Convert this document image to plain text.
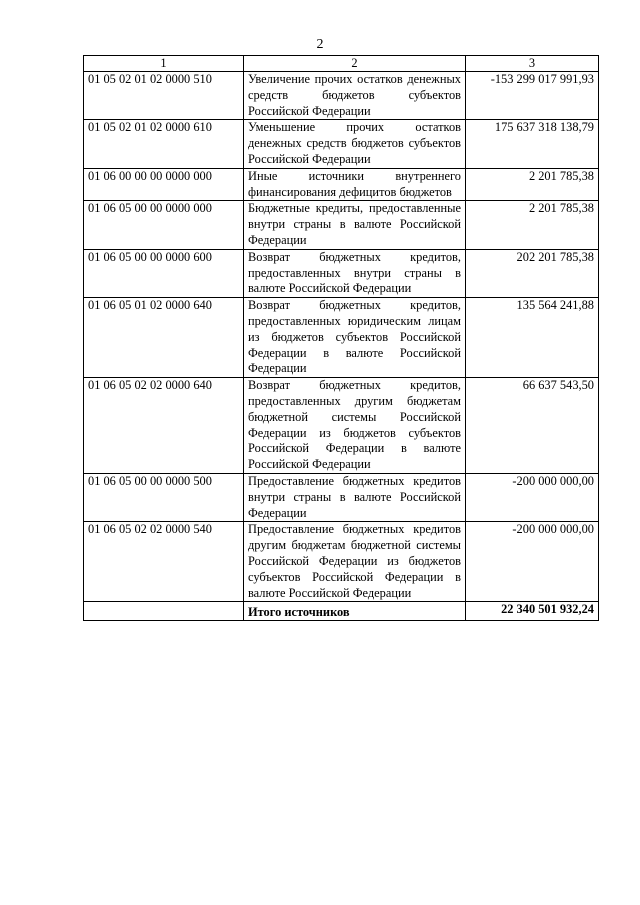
2
1	2	3
01 05 02 01 02 0000 510	Увеличение прочих остатков денежных средств бюджетов субъектов Российской Федерации	-153 299 017 991,93
01 05 02 01 02 0000 610	Уменьшение прочих остатков денежных средств бюджетов субъектов Российской Федерации	175 637 318 138,79
01 06 00 00 00 0000 000	Иные источники внутреннего финансирования дефицитов бюджетов	2 201 785,38
01 06 05 00 00 0000 000	Бюджетные кредиты, предоставленные внутри страны в валюте Российской Федерации	2 201 785,38
01 06 05 00 00 0000 600	Возврат бюджетных кредитов, предоставленных внутри страны в валюте Российской Федерации	202 201 785,38
01 06 05 01 02 0000 640	Возврат бюджетных кредитов, предоставленных юридическим лицам из бюджетов субъектов Российской Федерации в валюте Российской Федерации	135 564 241,88
01 06 05 02 02 0000 640	Возврат бюджетных кредитов, предоставленных другим бюджетам бюджетной системы Российской Федерации из бюджетов субъектов Российской Федерации в валюте Российской Федерации	66 637 543,50
01 06 05 00 00 0000 500	Предоставление бюджетных кредитов внутри страны в валюте Российской Федерации	-200 000 000,00
01 06 05 02 02 0000 540	Предоставление бюджетных кредитов другим бюджетам бюджетной системы Российской Федерации из бюджетов субъектов Российской Федерации в валюте Российской Федерации	-200 000 000,00
	Итого источников	22 340 501 932,24
